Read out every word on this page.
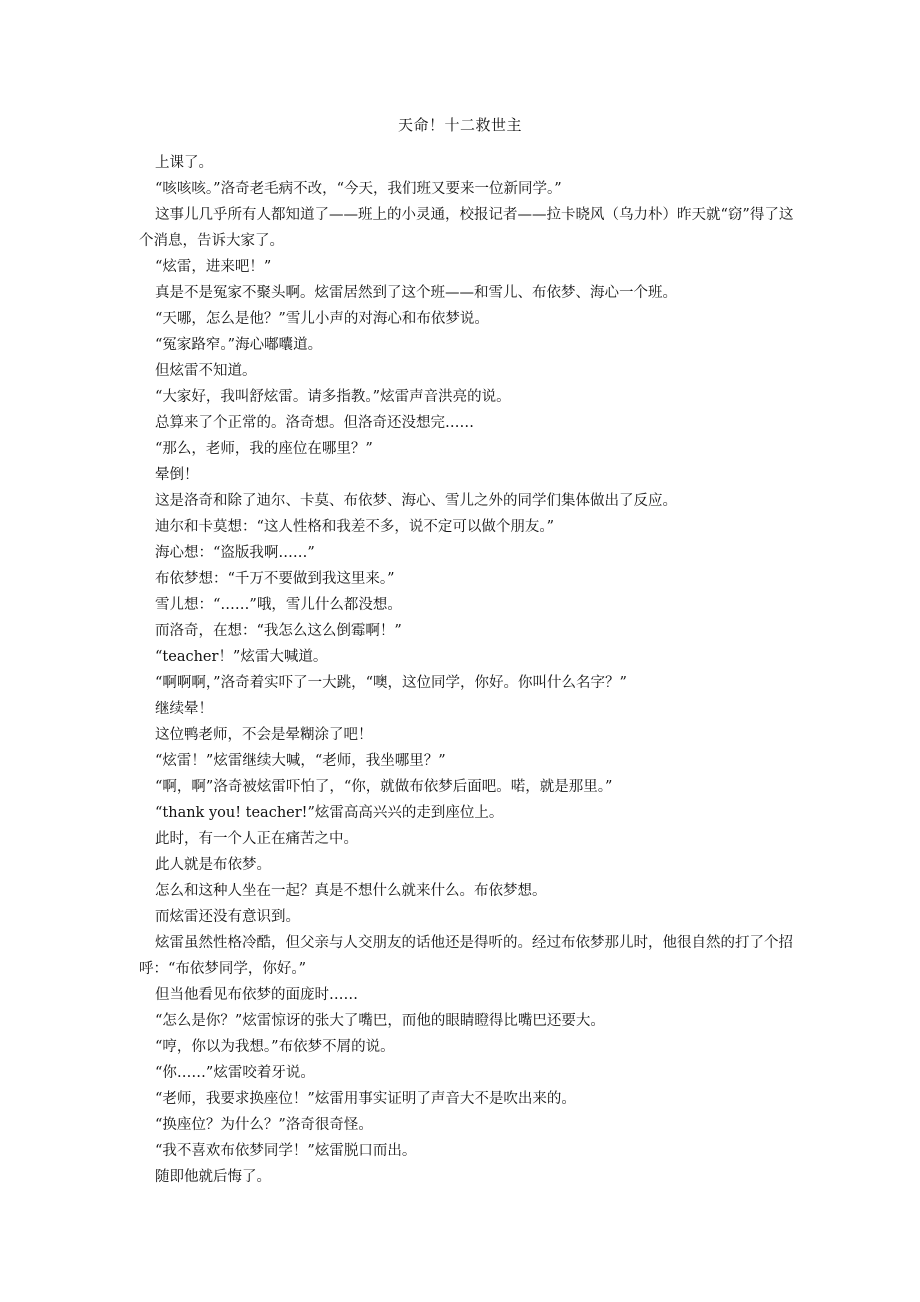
天命！十二救世主

上课了。

“咳咳咳。”洛奇老毛病不改，“今天，我们班又要来一位新同学。”

这事儿几乎所有人都知道了——班上的小灵通，校报记者——拉卡晓风（乌力朴）昨天就“窃”得了这个消息，告诉大家了。

“炫雷，进来吧！”

真是不是冤家不聚头啊。炫雷居然到了这个班——和雪儿、布依梦、海心一个班。

“天哪，怎么是他？”雪儿小声的对海心和布依梦说。

“冤家路窄。”海心嘟囔道。

但炫雷不知道。

“大家好，我叫舒炫雷。请多指教。”炫雷声音洪亮的说。

总算来了个正常的。洛奇想。但洛奇还没想完……

“那么，老师，我的座位在哪里？”

晕倒！

这是洛奇和除了迪尔、卡莫、布依梦、海心、雪儿之外的同学们集体做出了反应。

迪尔和卡莫想：“这人性格和我差不多，说不定可以做个朋友。”

海心想：“盗版我啊……”

布依梦想：“千万不要做到我这里来。”

雪儿想：“……”哦，雪儿什么都没想。

而洛奇，在想：“我怎么这么倒霉啊！”

“teacher！”炫雷大喊道。

“啊啊啊，”洛奇着实吓了一大跳，“噢，这位同学，你好。你叫什么名字？”

继续晕！

这位鸭老师，不会是晕糊涂了吧！

“炫雷！”炫雷继续大喊，“老师，我坐哪里？”

“啊，啊”洛奇被炫雷吓怕了，“你，就做布依梦后面吧。喏，就是那里。”

“thank you! teacher!”炫雷高高兴兴的走到座位上。

此时，有一个人正在痛苦之中。

此人就是布依梦。

怎么和这种人坐在一起？真是不想什么就来什么。布依梦想。

而炫雷还没有意识到。

炫雷虽然性格冷酷，但父亲与人交朋友的话他还是得听的。经过布依梦那儿时，他很自然的打了个招呼：“布依梦同学，你好。”

但当他看见布依梦的面庞时……

“怎么是你？”炫雷惊讶的张大了嘴巴，而他的眼睛瞪得比嘴巴还要大。

“哼，你以为我想。”布依梦不屑的说。

“你……”炫雷咬着牙说。

“老师，我要求换座位！”炫雷用事实证明了声音大不是吹出来的。

“换座位？为什么？”洛奇很奇怪。

“我不喜欢布依梦同学！”炫雷脱口而出。

随即他就后悔了。
